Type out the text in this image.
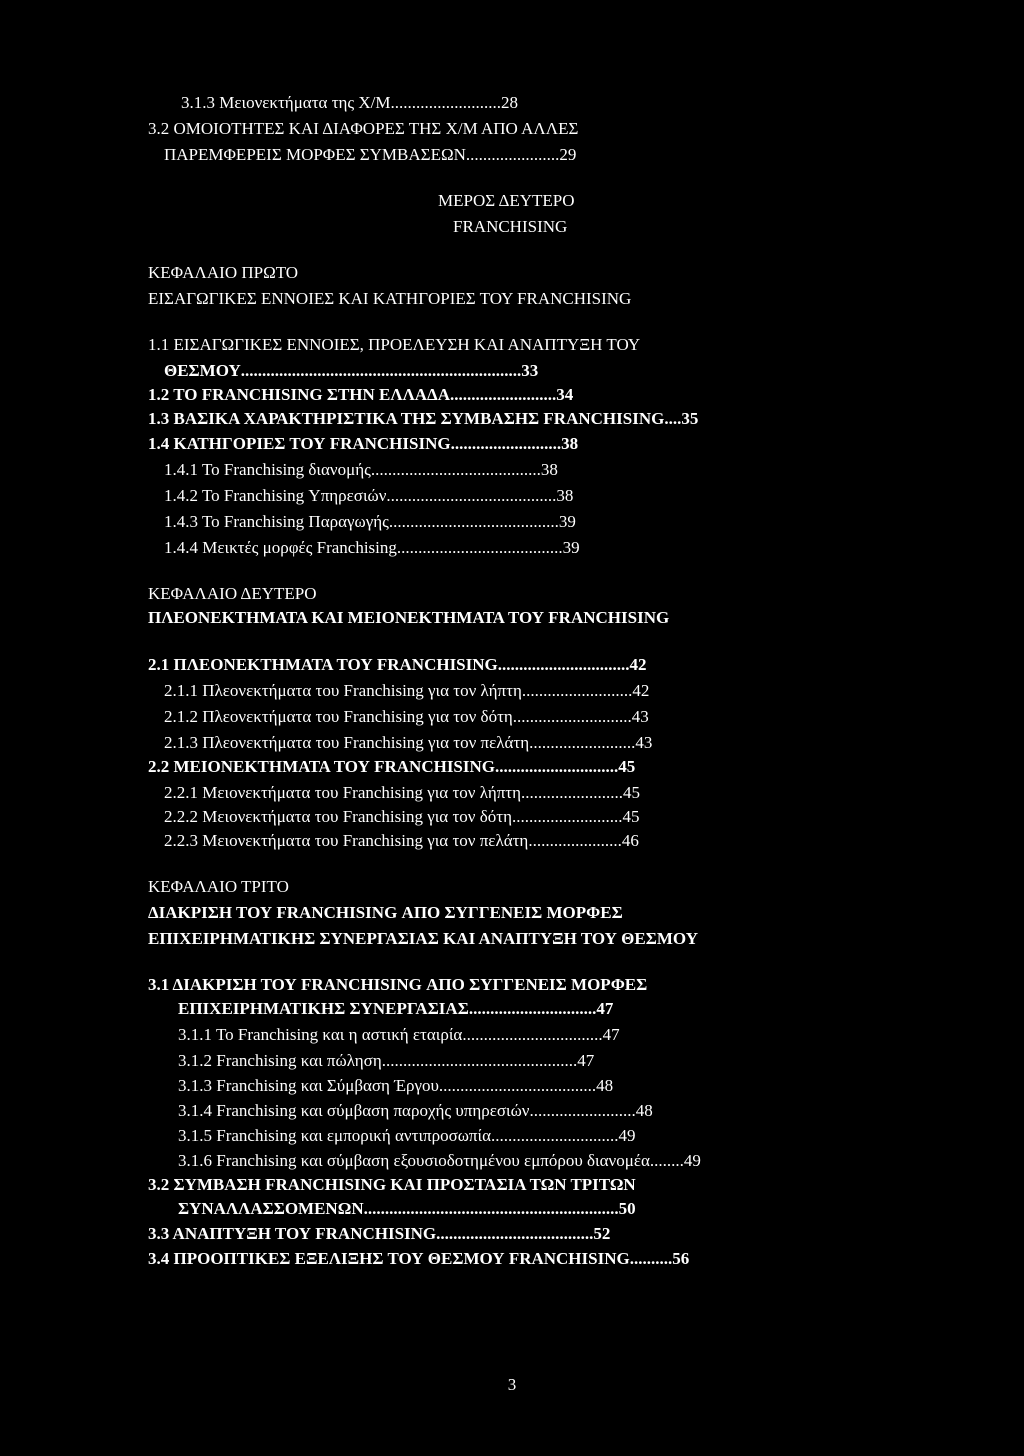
3.1.3 Μειονεκτήματα της Χ/Μ .......................... 28
3.2 ΟΜΟΙΟΤΗΤΕΣ ΚΑΙ ΔΙΑΦΟΡΕΣ ΤΗΣ Χ/Μ ΑΠΟ ΑΛΛΕΣ
ΠΑΡΕΜΦΕΡΕΙΣ ΜΟΡΦΕΣ ΣΥΜΒΑΣΕΩΝ ...................... 29
ΜΕΡΟΣ ΔΕΥΤΕΡΟ
FRANCHISING
ΚΕΦΑΛΑΙΟ ΠΡΩΤΟ
ΕΙΣΑΓΩΓΙΚΕΣ ΕΝΝΟΙΕΣ ΚΑΙ ΚΑΤΗΓΟΡΙΕΣ ΤΟΥ FRANCHISING
1.1 ΕΙΣΑΓΩΓΙΚΕΣ ΕΝΝΟΙΕΣ, ΠΡΟΕΛΕΥΣΗ ΚΑΙ ΑΝΑΠΤΥΞΗ ΤΟΥ
ΘΕΣΜΟΥ .................................................................. 33
1.2 ΤΟ FRANCHISING ΣΤΗΝ ΕΛΛΑΔΑ ......................... 34
1.3 ΒΑΣΙΚΑ ΧΑΡΑΚΤΗΡΙΣΤΙΚΑ ΤΗΣ ΣΥΜΒΑΣΗΣ FRANCHISING .... 35
1.4 ΚΑΤΗΓΟΡΙΕΣ ΤΟΥ FRANCHISING .......................... 38
1.4.1 Το Franchising διανομής ........................................ 38
1.4.2 Το Franchising Υπηρεσιών ........................................ 38
1.4.3 Το Franchising Παραγωγής ........................................ 39
1.4.4 Μεικτές μορφές Franchising ....................................... 39
ΚΕΦΑΛΑΙΟ ΔΕΥΤΕΡΟ
ΠΛΕΟΝΕΚΤΗΜΑΤΑ ΚΑΙ ΜΕΙΟΝΕΚΤΗΜΑΤΑ ΤΟΥ FRANCHISING
2.1 ΠΛΕΟΝΕΚΤΗΜΑΤΑ ΤΟΥ FRANCHISING ............................... 42
2.1.1 Πλεονεκτήματα του Franchising για τον λήπτη .......................... 42
2.1.2 Πλεονεκτήματα του Franchising για τον δότη ............................ 43
2.1.3 Πλεονεκτήματα του Franchising για τον πελάτη ......................... 43
2.2 ΜΕΙΟΝΕΚΤΗΜΑΤΑ ΤΟΥ FRANCHISING ............................. 45
2.2.1 Μειονεκτήματα του Franchising για τον λήπτη ........................ 45
2.2.2 Μειονεκτήματα του Franchising για τον δότη .......................... 45
2.2.3 Μειονεκτήματα του Franchising για τον πελάτη ...................... 46
ΚΕΦΑΛΑΙΟ ΤΡΙΤΟ
ΔΙΑΚΡΙΣΗ ΤΟΥ FRANCHISING ΑΠΟ ΣΥΓΓΕΝΕΙΣ ΜΟΡΦΕΣ
ΕΠΙΧΕΙΡΗΜΑΤΙΚΗΣ ΣΥΝΕΡΓΑΣΙΑΣ ΚΑΙ ΑΝΑΠΤΥΞΗ ΤΟΥ ΘΕΣΜΟΥ
3.1 ΔΙΑΚΡΙΣΗ ΤΟΥ FRANCHISING ΑΠΟ ΣΥΓΓΕΝΕΙΣ ΜΟΡΦΕΣ
ΕΠΙΧΕΙΡΗΜΑΤΙΚΗΣ ΣΥΝΕΡΓΑΣΙΑΣ .............................. 47
3.1.1 Το Franchising και η αστική εταιρία ................................. 47
3.1.2 Franchising και πώληση .............................................. 47
3.1.3 Franchising και Σύμβαση Έργου ..................................... 48
3.1.4 Franchising και σύμβαση παροχής υπηρεσιών ......................... 48
3.1.5 Franchising και εμπορική αντιπροσωπία .............................. 49
3.1.6 Franchising και σύμβαση εξουσιοδοτημένου εμπόρου διανομέα ........ 49
3.2 ΣΥΜΒΑΣΗ FRANCHISING ΚΑΙ ΠΡΟΣΤΑΣΙΑ ΤΩΝ ΤΡΙΤΩΝ
ΣΥΝΑΛΛΑΣΣΟΜΕΝΩΝ ............................................................ 50
3.3 ΑΝΑΠΤΥΞΗ ΤΟΥ FRANCHISING ..................................... 52
3.4 ΠΡΟΟΠΤΙΚΕΣ ΕΞΕΛΙΞΗΣ ΤΟΥ ΘΕΣΜΟΥ FRANCHISING .......... 56
3
